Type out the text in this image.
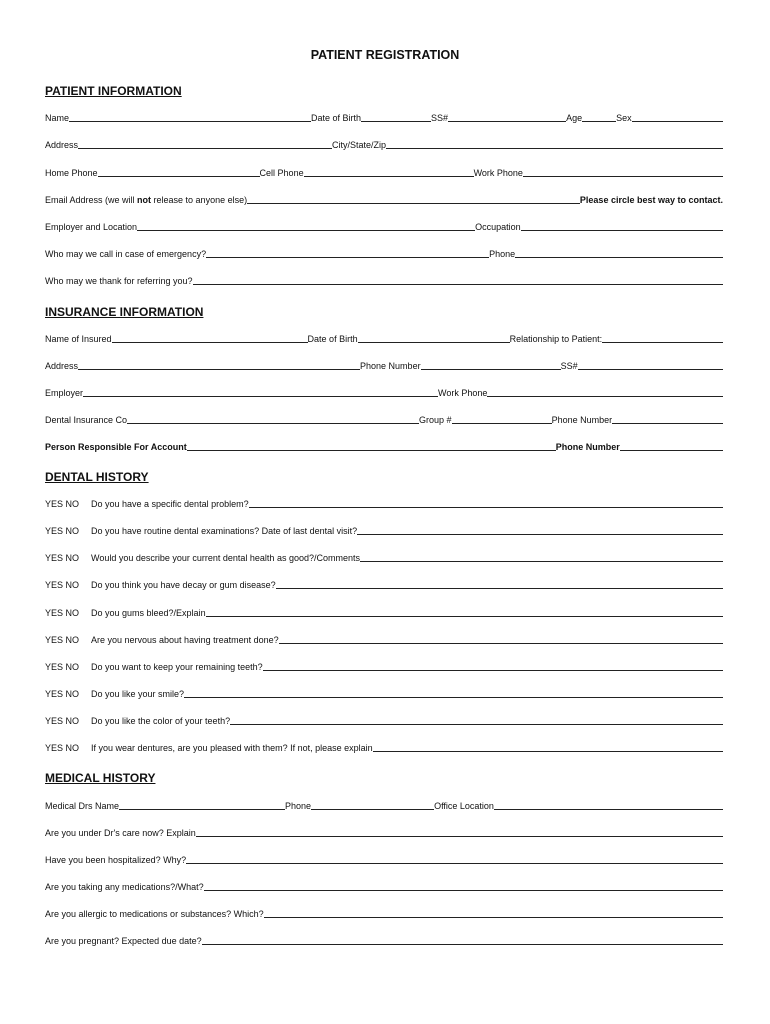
PATIENT REGISTRATION
PATIENT INFORMATION
Name	Date of Birth	SS#	Age	Sex
Address	City/State/Zip
Home Phone	Cell Phone	Work Phone
Email Address (we will not release to anyone else)	Please circle best way to contact.
Employer and Location	Occupation
Who may we call in case of emergency?	Phone
Who may we thank for referring you?
INSURANCE INFORMATION
Name of Insured	Date of Birth	Relationship to Patient:
Address	Phone Number	SS#
Employer	Work Phone
Dental Insurance Co	Group #	Phone Number
Person Responsible For Account	Phone Number
DENTAL HISTORY
YES NO	Do you have a specific dental problem?
YES NO	Do you have routine dental examinations? Date of last dental visit?
YES NO	Would you describe your current dental health as good?/Comments
YES NO	Do you think you have decay or gum disease?
YES NO	Do you gums bleed?/Explain
YES NO	Are you nervous about having treatment done?
YES NO	Do you want to keep your remaining teeth?
YES NO	Do you like your smile?
YES NO	Do you like the color of your teeth?
YES NO	If you wear dentures, are you pleased with them? If not, please explain
MEDICAL HISTORY
Medical Drs Name	Phone	Office Location
Are you under Dr's care now? Explain
Have you been hospitalized? Why?
Are you taking any medications?/What?
Are you allergic to medications or substances? Which?
Are you pregnant? Expected due date?
